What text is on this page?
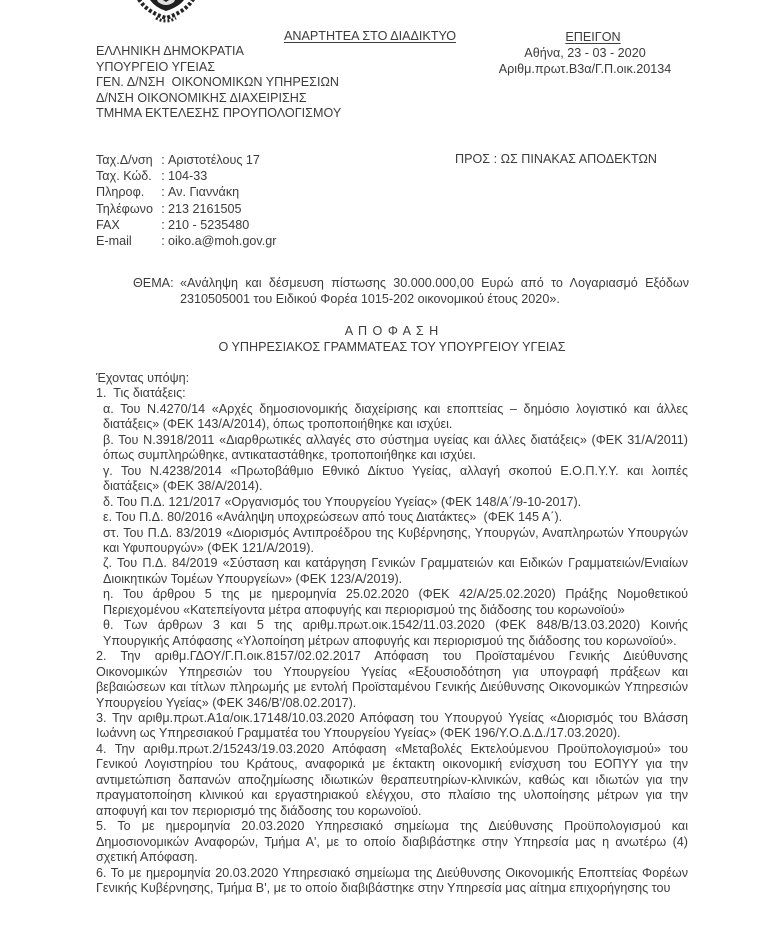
ΑΝΑΡΤΗΤΕΑ ΣΤΟ ΔΙΑΔΙΚΤΥΟ	ΕΠΕΙΓΟΝ
Αθήνα, 23 - 03 - 2020
Αριθμ.πρωτ.Β3α/Γ.Π.οικ.20134
ΕΛΛΗΝΙΚΗ ΔΗΜΟΚΡΑΤΙΑ
ΥΠΟΥΡΓΕΙΟ ΥΓΕΙΑΣ
ΓΕΝ. Δ/ΝΣΗ  ΟΙΚΟΝΟΜΙΚΩΝ ΥΠΗΡΕΣΙΩΝ
Δ/ΝΣΗ ΟΙΚΟΝΟΜΙΚΗΣ ΔΙΑΧΕΙΡΙΣΗΣ
ΤΜΗΜΑ ΕΚΤΕΛΕΣΗΣ ΠΡΟΥΠΟΛΟΓΙΣΜΟΥ
Ταχ.Δ/νση : Αριστοτέλους 17
Ταχ. Κώδ. : 104-33
Πληροφ.	: Αν. Γιαννάκη
Τηλέφωνο : 213 2161505
FAX	: 210 - 5235480
E-mail	: oiko.a@moh.gov.gr
ΠΡΟΣ : ΩΣ ΠΙΝΑΚΑΣ ΑΠΟΔΕΚΤΩΝ
ΘΕΜΑ: «Ανάληψη και δέσμευση πίστωσης 30.000.000,00 Ευρώ από το Λογαριασμό Εξόδων 2310505001 του Ειδικού Φορέα 1015-202 οικονομικού έτους 2020».
Α Π Ο Φ Α Σ Η
Ο ΥΠΗΡΕΣΙΑΚΟΣ ΓΡΑΜΜΑΤΕΑΣ ΤΟΥ ΥΠΟΥΡΓΕΙΟΥ ΥΓΕΙΑΣ

Έχοντας υπόψη:

1.  Τις διατάξεις:

α. Του Ν.4270/14 «Αρχές δημοσιονομικής διαχείρισης και εποπτείας – δημόσιο λογιστικό και άλλες διατάξεις» (ΦΕΚ 143/Α/2014), όπως τροποποιήθηκε και ισχύει.

β. Του Ν.3918/2011 «Διαρθρωτικές αλλαγές στο σύστημα υγείας και άλλες διατάξεις» (ΦΕΚ 31/Α/2011) όπως συμπληρώθηκε, αντικαταστάθηκε, τροποποιήθηκε και ισχύει.

γ. Του Ν.4238/2014 «Πρωτοβάθμιο Εθνικό Δίκτυο Υγείας, αλλαγή σκοπού Ε.Ο.Π.Υ.Υ. και λοιπές διατάξεις» (ΦΕΚ 38/Α/2014).

δ. Του Π.Δ. 121/2017 «Οργανισμός του Υπουργείου Υγείας» (ΦΕΚ 148/Α΄/9-10-2017).

ε. Του Π.Δ. 80/2016 «Ανάληψη υποχρεώσεων από τους Διατάκτες»  (ΦΕΚ 145 Α΄).

στ. Του Π.Δ. 83/2019 «Διορισμός Αντιπροέδρου της Κυβέρνησης, Υπουργών, Αναπληρωτών Υπουργών και Υφυπουργών» (ΦΕΚ 121/Α/2019).

ζ. Του Π.Δ. 84/2019 «Σύσταση και κατάργηση Γενικών Γραμματειών και Ειδικών Γραμματειών/Ενιαίων Διοικητικών Τομέων Υπουργείων» (ΦΕΚ 123/Α/2019).

η. Του άρθρου 5 της με ημερομηνία 25.02.2020 (ΦΕΚ 42/Α/25.02.2020) Πράξης Νομοθετικού Περιεχομένου «Κατεπείγοντα μέτρα αποφυγής και περιορισμού της διάδοσης του κορωνοϊού»

θ. Των άρθρων 3 και 5 της αριθμ.πρωτ.οικ.1542/11.03.2020 (ΦΕΚ 848/Β/13.03.2020) Κοινής Υπουργικής Απόφασης «Υλοποίηση μέτρων αποφυγής και περιορισμού της διάδοσης του κορωνοϊού».

2. Την αριθμ.ΓΔΟΥ/Γ.Π.οικ.8157/02.02.2017 Απόφαση του Προϊσταμένου Γενικής Διεύθυνσης Οικονομικών Υπηρεσιών του Υπουργείου Υγείας «Εξουσιοδότηση για υπογραφή πράξεων και βεβαιώσεων και τίτλων πληρωμής με εντολή Προϊσταμένου Γενικής Διεύθυνσης Οικονομικών Υπηρεσιών Υπουργείου Υγείας» (ΦΕΚ 346/Β'/08.02.2017).

3. Την αριθμ.πρωτ.Α1α/οικ.17148/10.03.2020 Απόφαση του Υπουργού Υγείας «Διορισμός του Βλάσση Ιωάννη ως Υπηρεσιακού Γραμματέα του Υπουργείου Υγείας» (ΦΕΚ 196/Υ.Ο.Δ.Δ./17.03.2020).

4. Την αριθμ.πρωτ.2/15243/19.03.2020 Απόφαση «Μεταβολές Εκτελούμενου Προϋπολογισμού» του Γενικού Λογιστηρίου του Κράτους, αναφορικά με έκτακτη οικονομική ενίσχυση του ΕΟΠΥΥ για την αντιμετώπιση δαπανών αποζημίωσης ιδιωτικών θεραπευτηρίων-κλινικών, καθώς και ιδιωτών για την πραγματοποίηση κλινικού και εργαστηριακού ελέγχου, στο πλαίσιο της υλοποίησης μέτρων για την αποφυγή και τον περιορισμό της διάδοσης του κορωνοϊού.

5. Το με ημερομηνία 20.03.2020 Υπηρεσιακό σημείωμα της Διεύθυνσης Προϋπολογισμού και Δημοσιονομικών Αναφορών, Τμήμα Α', με το οποίο διαβιβάστηκε στην Υπηρεσία μας η ανωτέρω (4) σχετική Απόφαση.

6. Το με ημερομηνία 20.03.2020 Υπηρεσιακό σημείωμα της Διεύθυνσης Οικονομικής Εποπτείας Φορέων Γενικής Κυβέρνησης, Τμήμα Β', με το οποίο διαβιβάστηκε στην Υπηρεσία μας αίτημα επιχορήγησης του
